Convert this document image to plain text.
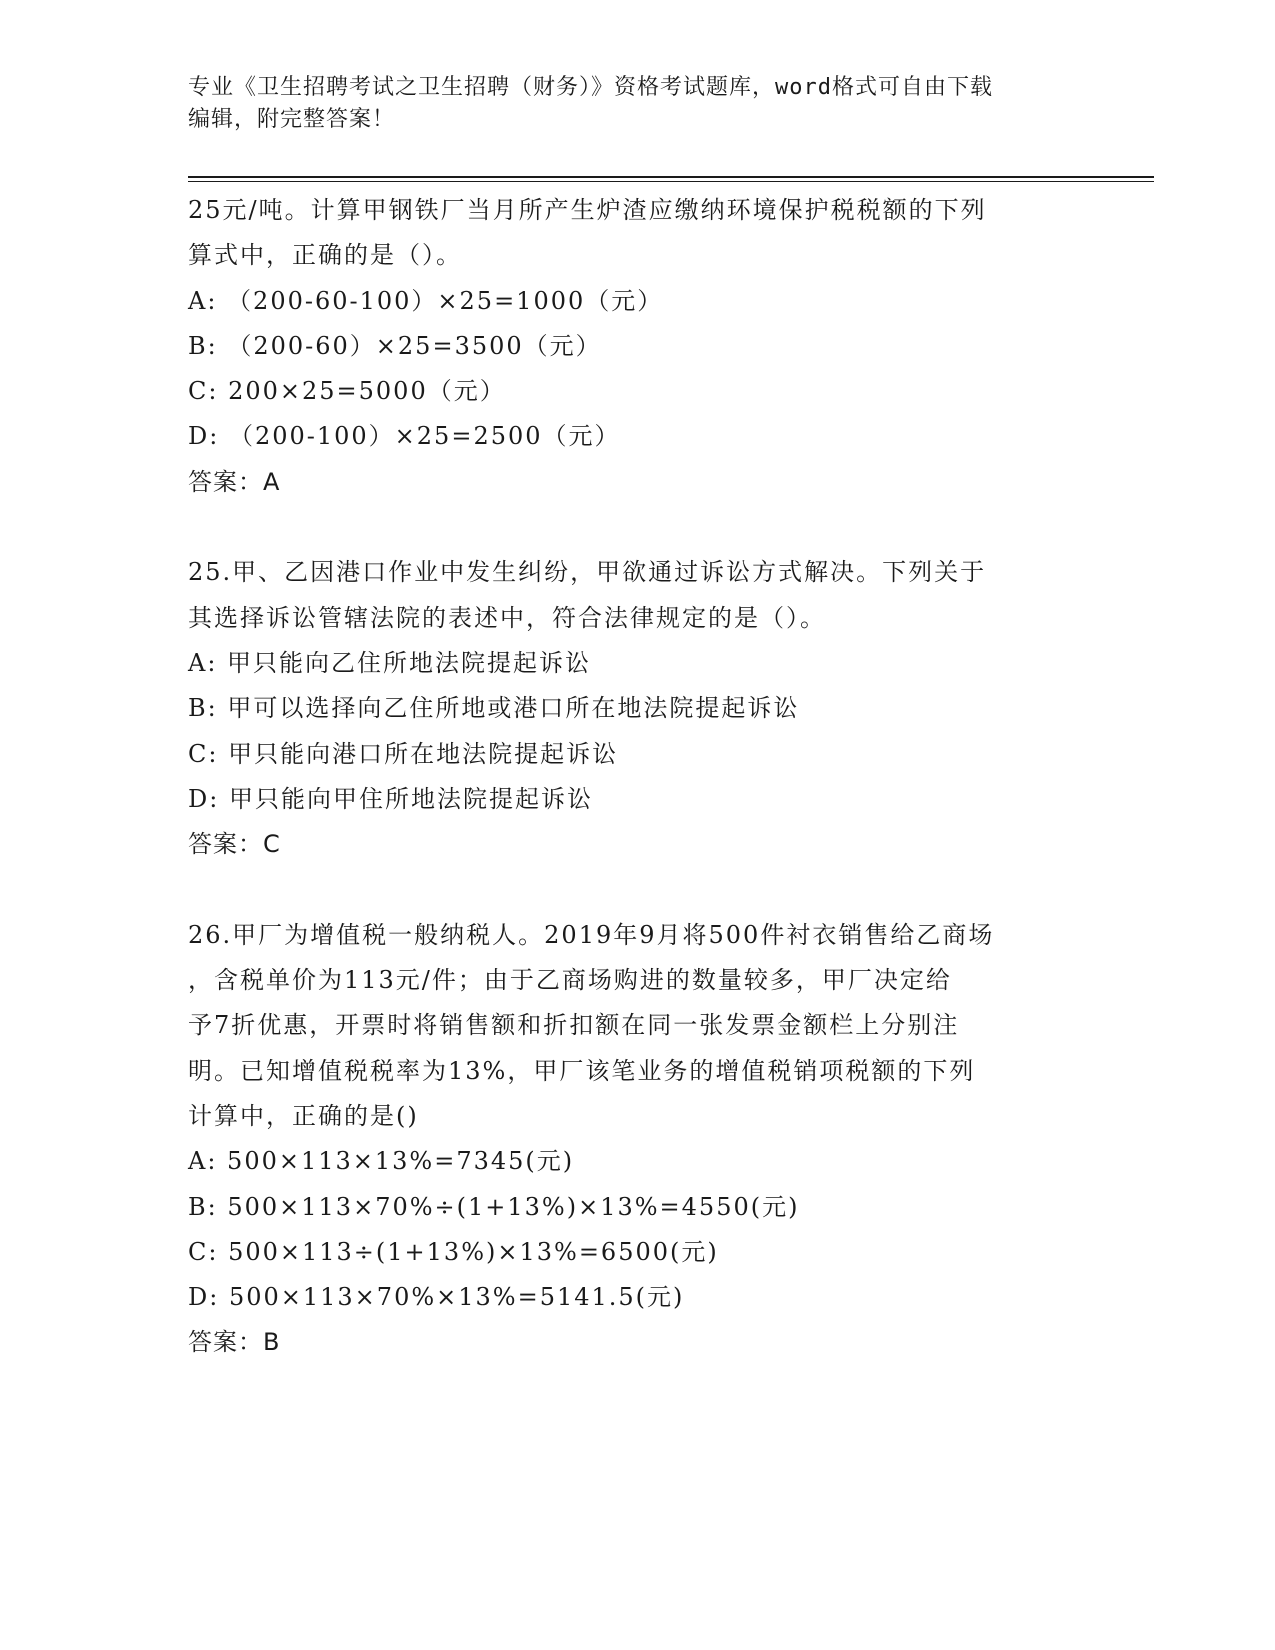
专业《卫生招聘考试之卫生招聘（财务）》资格考试题库，word格式可自由下载
编辑，附完整答案！
25元/吨。计算甲钢铁厂当月所产生炉渣应缴纳环境保护税税额的下列
算式中，正确的是（）。
A: （200-60-100）×25=1000（元）
B: （200-60）×25=3500（元）
C: 200×25=5000（元）
D: （200-100）×25=2500（元）
答案：A
25.甲、乙因港口作业中发生纠纷，甲欲通过诉讼方式解决。下列关于
其选择诉讼管辖法院的表述中，符合法律规定的是（）。
A: 甲只能向乙住所地法院提起诉讼
B: 甲可以选择向乙住所地或港口所在地法院提起诉讼
C: 甲只能向港口所在地法院提起诉讼
D: 甲只能向甲住所地法院提起诉讼
答案：C
26.甲厂为增值税一般纳税人。2019年9月将500件衬衣销售给乙商场
，含税单价为113元/件；由于乙商场购进的数量较多，甲厂决定给
予7折优惠，开票时将销售额和折扣额在同一张发票金额栏上分别注
明。已知增值税税率为13%，甲厂该笔业务的增值税销项税额的下列
计算中，正确的是()
A: 500×113×13%=7345(元)
B: 500×113×70%÷(1+13%)×13%=4550(元)
C: 500×113÷(1+13%)×13%=6500(元)
D: 500×113×70%×13%=5141.5(元)
答案：B
